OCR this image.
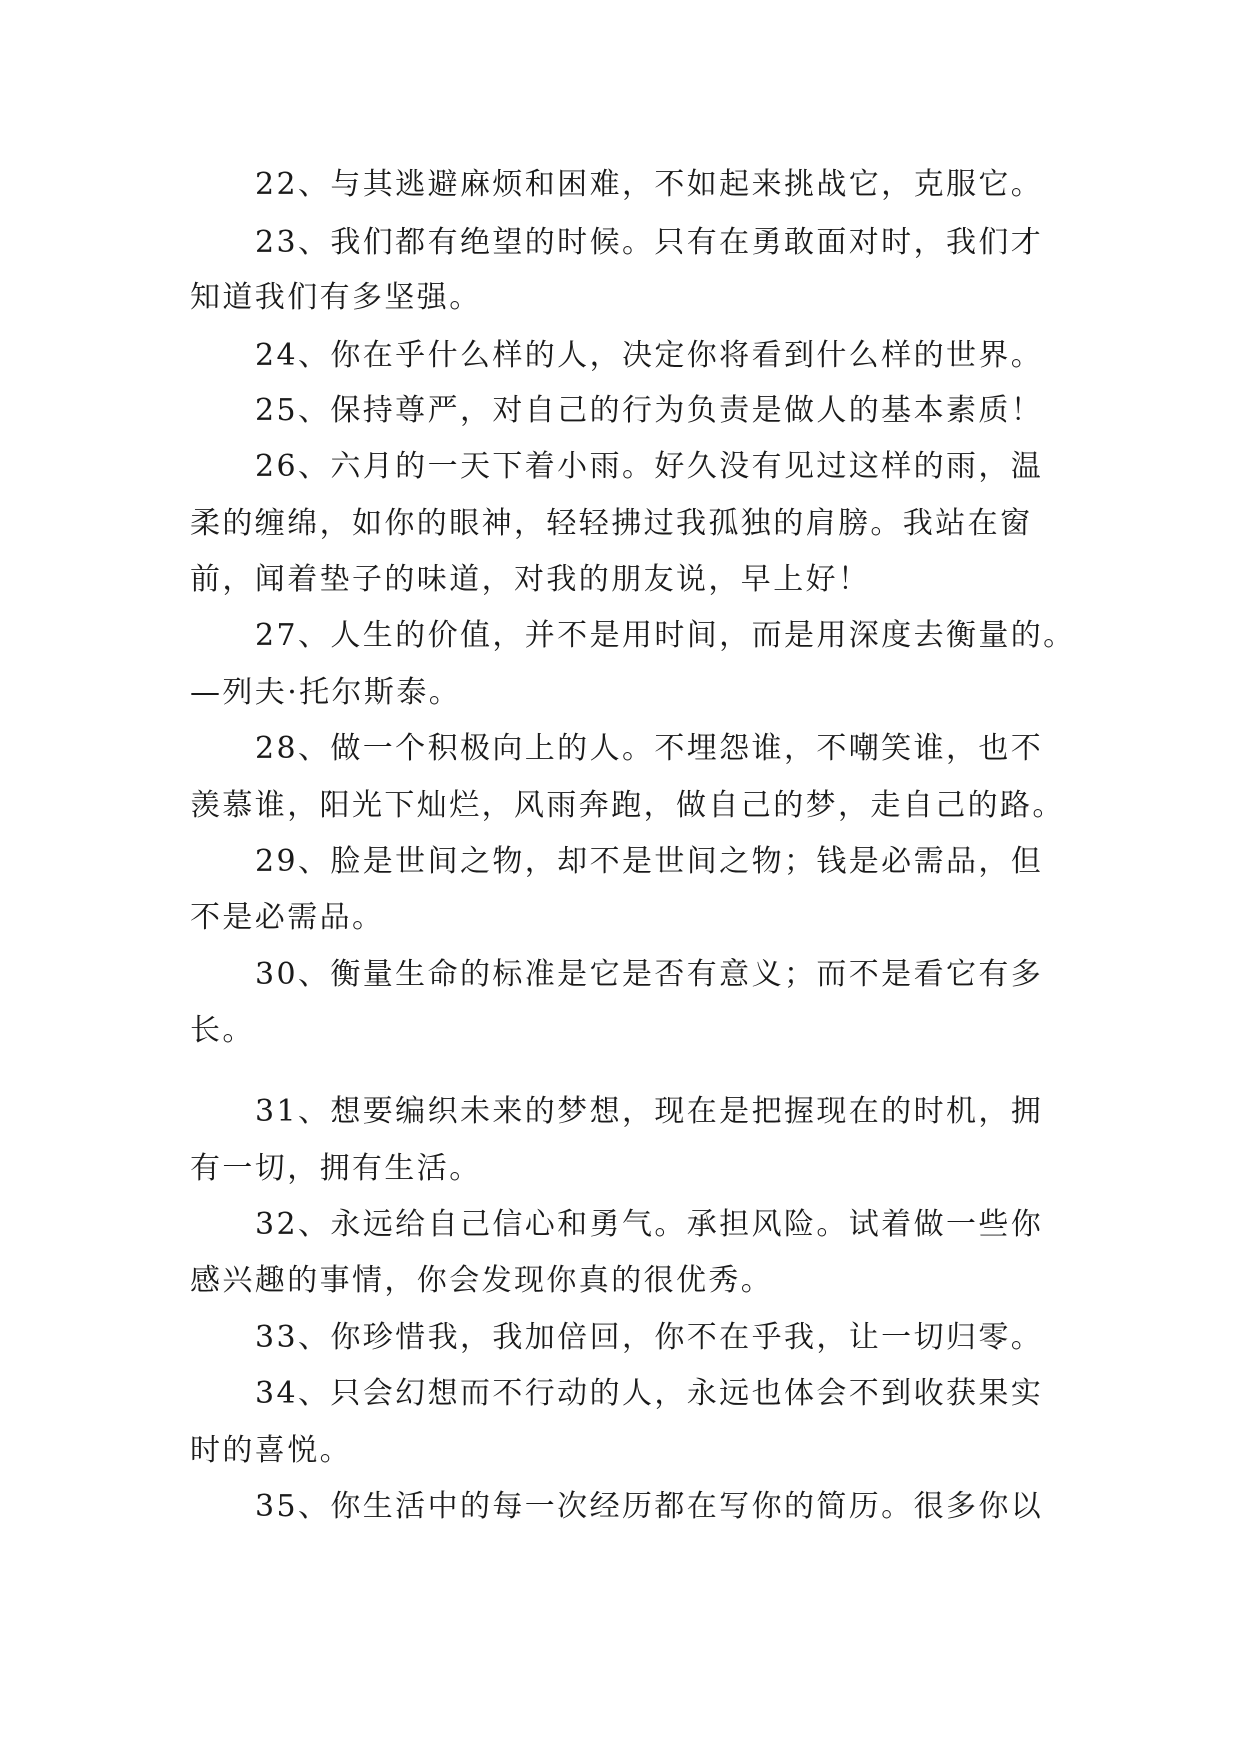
22、与其逃避麻烦和困难，不如起来挑战它，克服它。
23、我们都有绝望的时候。只有在勇敢面对时，我们才
知道我们有多坚强。
24、你在乎什么样的人，决定你将看到什么样的世界。
25、保持尊严，对自己的行为负责是做人的基本素质！
26、六月的一天下着小雨。好久没有见过这样的雨，温
柔的缠绵，如你的眼神，轻轻拂过我孤独的肩膀。我站在窗
前，闻着垫子的味道，对我的朋友说，早上好！
27、人生的价值，并不是用时间，而是用深度去衡量的。
—列夫·托尔斯泰。
28、做一个积极向上的人。不埋怨谁，不嘲笑谁，也不
羡慕谁，阳光下灿烂，风雨奔跑，做自己的梦，走自己的路。
29、脸是世间之物，却不是世间之物；钱是必需品，但
不是必需品。
30、衡量生命的标准是它是否有意义；而不是看它有多
长。
31、想要编织未来的梦想，现在是把握现在的时机，拥
有一切，拥有生活。
32、永远给自己信心和勇气。承担风险。试着做一些你
感兴趣的事情，你会发现你真的很优秀。
33、你珍惜我，我加倍回，你不在乎我，让一切归零。
34、只会幻想而不行动的人，永远也体会不到收获果实
时的喜悦。
35、你生活中的每一次经历都在写你的简历。很多你以
